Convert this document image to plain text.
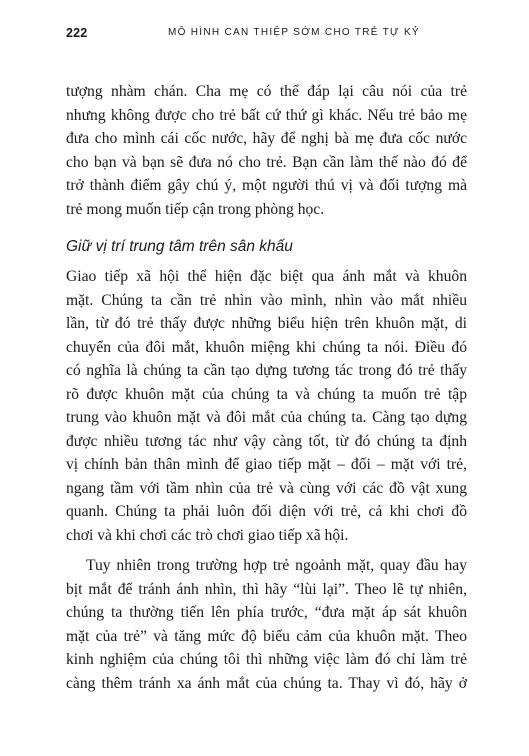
222	MÔ HÌNH CAN THIỆP SỚM CHO TRẺ TỰ KỶ

tượng nhàm chán. Cha mẹ có thể đáp lại câu nói của trẻ
nhưng không được cho trẻ bất cứ thứ gì khác. Nếu trẻ bảo mẹ
đưa cho mình cái cốc nước, hãy để nghị bà mẹ đưa cốc nước
cho bạn và bạn sẽ đưa nó cho trẻ. Bạn cần làm thế nào đó để
trở thành điểm gây chú ý, một người thú vị và đối tượng mà
trẻ mong muốn tiếp cận trong phòng học.

Giữ vị trí trung tâm trên sân khấu

Giao tiếp xã hội thể hiện đặc biệt qua ánh mắt và khuôn
mặt. Chúng ta cần trẻ nhìn vào mình, nhìn vào mắt nhiều
lần, từ đó trẻ thấy được những biểu hiện trên khuôn mặt, di
chuyển của đôi mắt, khuôn miệng khi chúng ta nói. Điều đó
có nghĩa là chúng ta cần tạo dựng tương tác trong đó trẻ thấy
rõ được khuôn mặt của chúng ta và chúng ta muốn trẻ tập
trung vào khuôn mặt và đôi mắt của chúng ta. Càng tạo dựng
được nhiều tương tác như vậy càng tốt, từ đó chúng ta định
vị chính bản thân mình để giao tiếp mặt – đối – mặt với trẻ,
ngang tầm với tầm nhìn của trẻ và cùng với các đồ vật xung
quanh. Chúng ta phải luôn đối diện với trẻ, cả khi chơi đồ
chơi và khi chơi các trò chơi giao tiếp xã hội.

Tuy nhiên trong trường hợp trẻ ngoảnh mặt, quay đầu hay
bịt mắt để tránh ánh nhìn, thì hãy “lùi lại”. Theo lẽ tự nhiên,
chúng ta thường tiến lên phía trước, “đưa mặt áp sát khuôn
mặt của trẻ” và tăng mức độ biểu cảm của khuôn mặt. Theo
kinh nghiệm của chúng tôi thì những việc làm đó chỉ làm trẻ
càng thêm tránh xa ánh mắt của chúng ta. Thay vì đó, hãy ở
